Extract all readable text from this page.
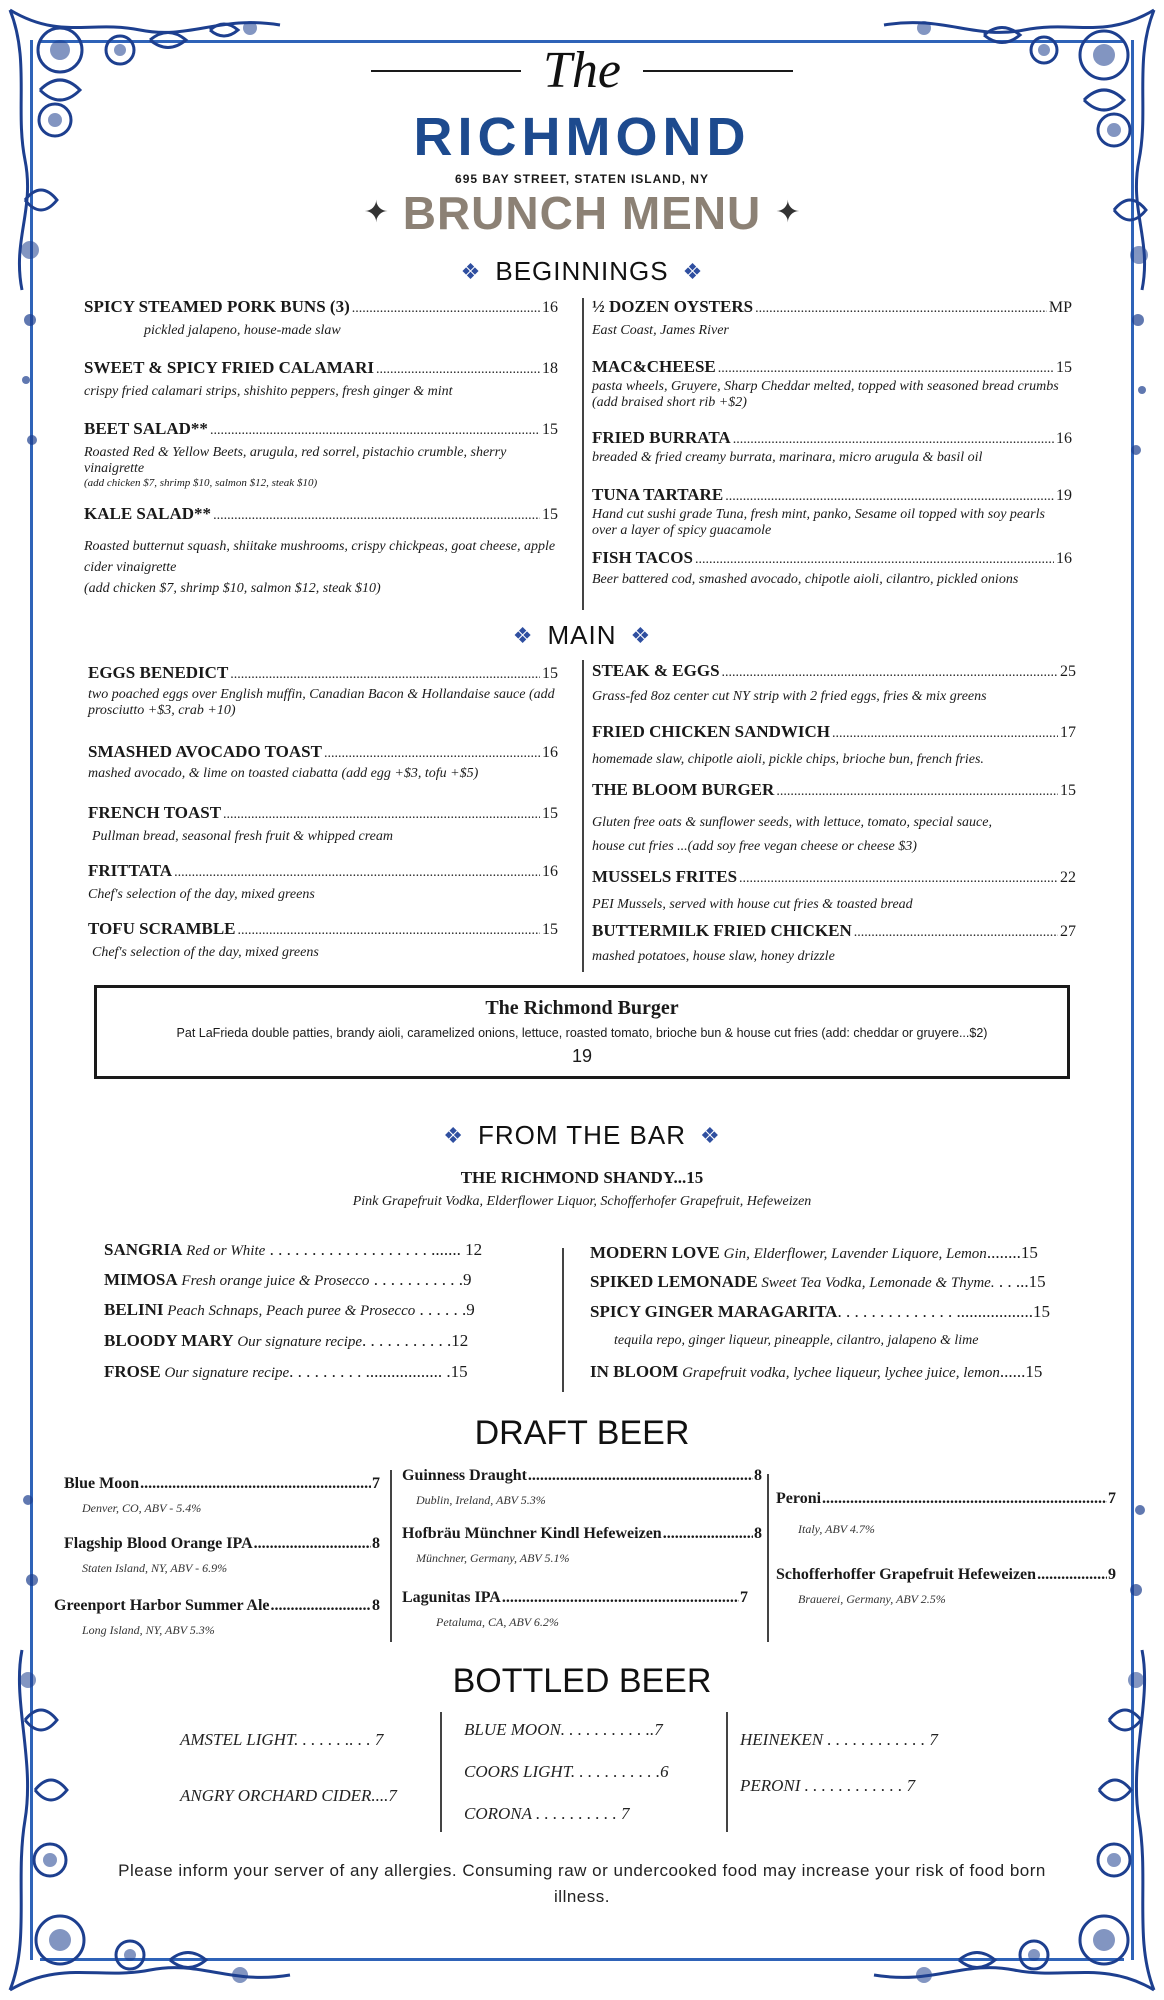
The
RICHMOND
695 BAY STREET, STATEN ISLAND, NY
✦ BRUNCH MENU ✦
❖ BEGINNINGS ❖
SPICY STEAMED PORK BUNS (3) .....	16
pickled jalapeno, house-made slaw
SWEET & SPICY FRIED CALAMARI .....	18
crispy fried calamari strips, shishito peppers, fresh ginger & mint
BEET SALAD** .....	15
Roasted Red & Yellow Beets, arugula, red sorrel, pistachio crumble, sherry vinaigrette
(add chicken $7, shrimp $10, salmon $12, steak $10)
KALE SALAD** .....	15
Roasted butternut squash, shiitake mushrooms, crispy chickpeas, goat cheese, apple cider vinaigrette
(add chicken $7, shrimp $10, salmon $12, steak $10)
½ DOZEN OYSTERS .....	MP
East Coast, James River
MAC&CHEESE .....	15
pasta wheels, Gruyere, Sharp Cheddar melted, topped with seasoned bread crumbs (add braised short rib +$2)
FRIED BURRATA .....	16
breaded & fried creamy burrata, marinara, micro arugula & basil oil
TUNA TARTARE .....	19
Hand cut sushi grade Tuna, fresh mint, panko, Sesame oil topped with soy pearls over a layer of spicy guacamole
FISH TACOS .....	16
Beer battered cod, smashed avocado, chipotle aioli, cilantro, pickled onions
❖ MAIN ❖
EGGS BENEDICT .....	15
two poached eggs over English muffin, Canadian Bacon & Hollandaise sauce (add prosciutto +$3, crab +10)
SMASHED AVOCADO TOAST .....	16
mashed avocado, & lime on toasted ciabatta (add egg +$3, tofu +$5)
FRENCH TOAST .....	15
Pullman bread, seasonal fresh fruit & whipped cream
FRITTATA .....	16
Chef's selection of the day, mixed greens
TOFU SCRAMBLE .....	15
Chef's selection of the day, mixed greens
STEAK & EGGS .....	25
Grass-fed 8oz center cut NY strip with 2 fried eggs, fries & mix greens
FRIED CHICKEN SANDWICH .....	17
homemade slaw, chipotle aioli, pickle chips, brioche bun, french fries.
THE BLOOM BURGER .....	15
Gluten free oats & sunflower seeds, with lettuce, tomato, special sauce,
house cut fries ...(add soy free vegan cheese or cheese $3)
MUSSELS FRITES .....	22
PEI Mussels, served with house cut fries & toasted bread
BUTTERMILK FRIED CHICKEN .....	27
mashed potatoes, house slaw, honey drizzle
The Richmond Burger
Pat LaFrieda double patties, brandy aioli, caramelized onions, lettuce, roasted tomato, brioche bun & house cut fries (add: cheddar or gruyere...$2)
19
❖ FROM THE BAR ❖
THE RICHMOND SHANDY...15
Pink Grapefruit Vodka, Elderflower Liquor, Schofferhofer Grapefruit, Hefeweizen
SANGRIA Red or White . . . . . . . . . . . . . . . . . . . ....... 12
MIMOSA Fresh orange juice & Prosecco . . . . . . . . . . .9
BELINI Peach Schnaps, Peach puree & Prosecco . . . . . .9
BLOODY MARY Our signature recipe. . . . . . . . . . .12
FROSE Our signature recipe. . . . . . . . . .................. .15
MODERN LOVE Gin, Elderflower, Lavender Liquore, Lemon........15
SPIKED LEMONADE Sweet Tea Vodka, Lemonade & Thyme. . . ...15
SPICY GINGER MARAGARITA. . . . . . . . . . . . . . ..................15
tequila repo, ginger liqueur, pineapple, cilantro, jalapeno & lime
IN BLOOM Grapefruit vodka, lychee liqueur, lychee juice, lemon......15
DRAFT BEER
Blue Moon .....	7
Denver, CO, ABV - 5.4%
Flagship Blood Orange IPA .....	8
Staten Island, NY, ABV - 6.9%
Greenport Harbor Summer Ale .....	8
Long Island, NY, ABV 5.3%
Guinness Draught .....	8
Dublin, Ireland, ABV 5.3%
Hofbräu Münchner Kindl Hefeweizen .....	8
Münchner, Germany, ABV 5.1%
Lagunitas IPA .....	7
Petaluma, CA, ABV 6.2%
Peroni .....	7
Italy, ABV 4.7%
Schofferhoffer Grapefruit Hefeweizen .....	9
Brauerei, Germany, ABV 2.5%
BOTTLED BEER
AMSTEL LIGHT. . . . . . .. . . 7
ANGRY ORCHARD CIDER....7
BLUE MOON. . . . . . . . . . ..7
COORS LIGHT. . . . . . . . . . .6
CORONA . . . . . . . . . . 7
HEINEKEN . . . . . . . . . . . . 7
PERONI . . . . . . . . . . . . 7
Please inform your server of any allergies. Consuming raw or undercooked food may increase your risk of food born illness.
